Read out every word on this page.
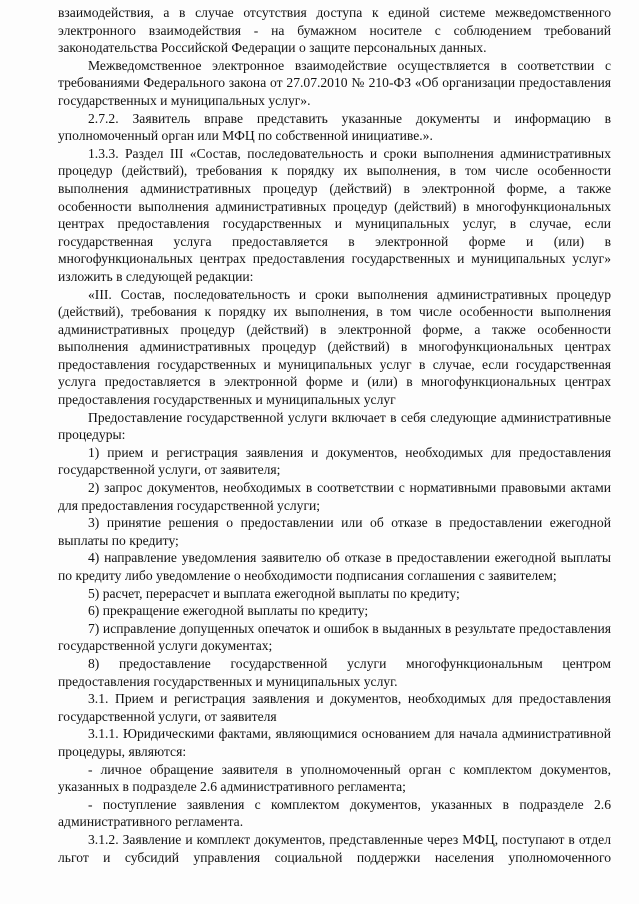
взаимодействия, а в случае отсутствия доступа к единой системе межведомственного электронного взаимодействия - на бумажном носителе с соблюдением требований законодательства Российской Федерации о защите персональных данных.

Межведомственное электронное взаимодействие осуществляется в соответствии с требованиями Федерального закона от 27.07.2010 № 210-ФЗ «Об организации предоставления государственных и муниципальных услуг».

2.7.2. Заявитель вправе представить указанные документы и информацию в уполномоченный орган или МФЦ по собственной инициативе.».

1.3.3. Раздел III «Состав, последовательность и сроки выполнения административных процедур (действий), требования к порядку их выполнения, в том числе особенности выполнения административных процедур (действий) в электронной форме, а также особенности выполнения административных процедур (действий) в многофункциональных центрах предоставления государственных и муниципальных услуг, в случае, если государственная услуга предоставляется в электронной форме и (или) в многофункциональных центрах предоставления государственных и муниципальных услуг» изложить в следующей редакции:

«III. Состав, последовательность и сроки выполнения административных процедур (действий), требования к порядку их выполнения, в том числе особенности выполнения административных процедур (действий) в электронной форме, а также особенности выполнения административных процедур (действий) в многофункциональных центрах предоставления государственных и муниципальных услуг в случае, если государственная услуга предоставляется в электронной форме и (или) в многофункциональных центрах предоставления государственных и муниципальных услуг

Предоставление государственной услуги включает в себя следующие административные процедуры:

1) прием и регистрация заявления и документов, необходимых для предоставления государственной услуги, от заявителя;

2) запрос документов, необходимых в соответствии с нормативными правовыми актами для предоставления государственной услуги;

3) принятие решения о предоставлении или об отказе в предоставлении ежегодной выплаты по кредиту;

4) направление уведомления заявителю об отказе в предоставлении ежегодной выплаты по кредиту либо уведомление о необходимости подписания соглашения с заявителем;

5) расчет, перерасчет и выплата ежегодной выплаты по кредиту;

6) прекращение ежегодной выплаты по кредиту;

7) исправление допущенных опечаток и ошибок в выданных в результате предоставления государственной услуги документах;

8) предоставление государственной услуги многофункциональным центром предоставления государственных и муниципальных услуг.

3.1. Прием и регистрация заявления и документов, необходимых для предоставления государственной услуги, от заявителя

3.1.1. Юридическими фактами, являющимися основанием для начала административной процедуры, являются:

- личное обращение заявителя в уполномоченный орган с комплектом документов, указанных в подразделе 2.6 административного регламента;

- поступление заявления с комплектом документов, указанных в подразделе 2.6 административного регламента.

3.1.2. Заявление и комплект документов, представленные через МФЦ, поступают в отдел льгот и субсидий управления социальной поддержки населения уполномоченного
